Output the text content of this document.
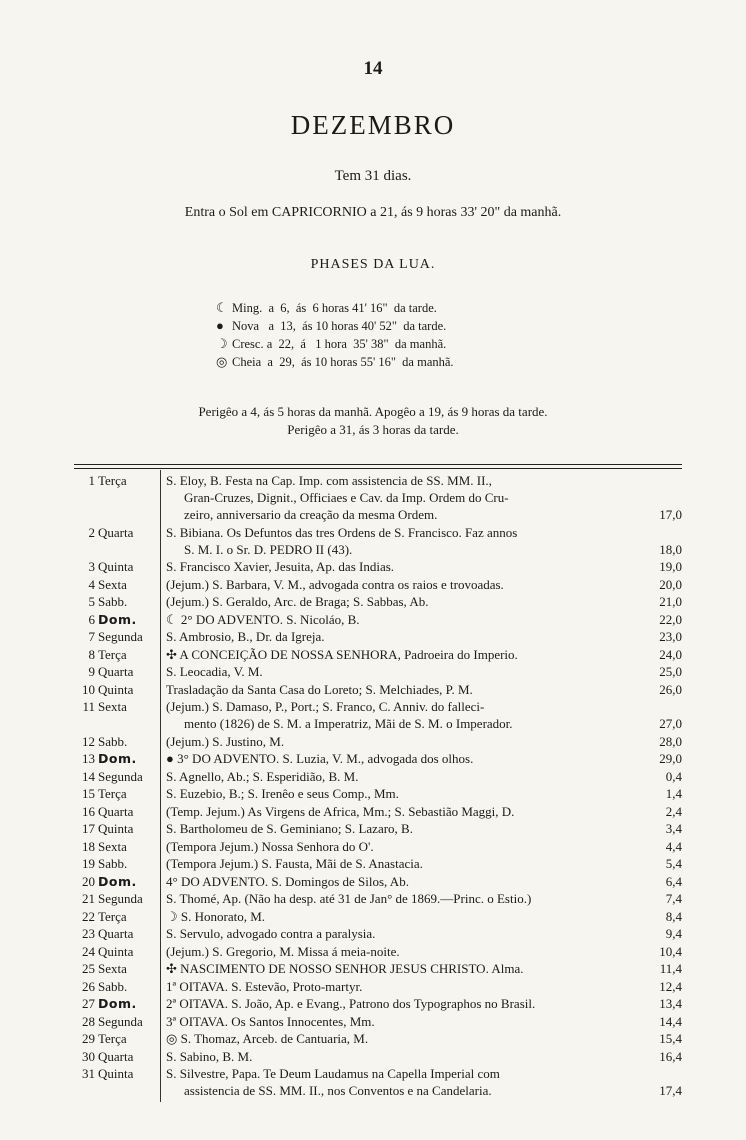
14
DEZEMBRO
Tem 31 dias.
Entra o Sol em CAPRICORNIO a 21, ás 9 horas 33' 20" da manhã.
PHASES DA LUA.
☾ Ming.  a  6,  ás  6 horas 41' 16"  da tarde.
● Nova   a  13,  ás 10 horas 40' 52"  da tarde.
☽ Cresc. a  22,  á   1 hora  35' 38"  da manhã.
◎ Cheia  a  29,  ás 10 horas 55' 16"  da manhã.
Perigêo a 4, ás 5 horas da manhã. Apogêo a 19, ás 9 horas da tarde.
Perigêo a 31, ás 3 horas da tarde.
1 Terça	S. Eloy, B. Festa na Cap. Imp. com assistencia de SS. MM. II.,
Gran-Cruzes, Dignit., Officiaes e Cav. da Imp. Ordem do Cru-
zeiro, anniversario da creação da mesma Ordem.	17,0
2 Quarta	S. Bibiana. Os Defuntos das tres Ordens de S. Francisco. Faz annos
S. M. I. o Sr. D. PEDRO II (43).	18,0
3 Quinta	S. Francisco Xavier, Jesuita, Ap. das Indias.	19,0
4 Sexta	(Jejum.) S. Barbara, V. M., advogada contra os raios e trovoadas.	20,0
5 Sabb.	(Jejum.) S. Geraldo, Arc. de Braga; S. Sabbas, Ab.	21,0
6 Dom. ☾ 2° DO ADVENTO. S. Nicoláo, B.	22,0
7 Segunda S. Ambrosio, B., Dr. da Igreja.	23,0
8 Terça	✣ A CONCEIÇÃO DE NOSSA SENHORA, Padroeira do Imperio.	24,0
9 Quarta	S. Leocadia, V. M.	25,0
10 Quinta	Trasladação da Santa Casa do Loreto; S. Melchiades, P. M.	26,0
11 Sexta	(Jejum.) S. Damaso, P., Port.; S. Franco, C. Anniv. do falleci-
mento (1826) de S. M. a Imperatriz, Mãi de S. M. o Imperador.	27,0
12 Sabb.	(Jejum.) S. Justino, M.	28,0
13 Dom. ● 3° DO ADVENTO. S. Luzia, V. M., advogada dos olhos.	29,0
14 Segunda S. Agnello, Ab.; S. Esperidião, B. M.	0,4
15 Terça	S. Euzebio, B.; S. Irenêo e seus Comp., Mm.	1,4
16 Quarta	(Temp. Jejum.) As Virgens de Africa, Mm.; S. Sebastião Maggi, D.	2,4
17 Quinta	S. Bartholomeu de S. Geminiano; S. Lazaro, B.	3,4
18 Sexta	(Tempora Jejum.) Nossa Senhora do O'.	4,4
19 Sabb.	(Tempora Jejum.) S. Fausta, Mãi de S. Anastacia.	5,4
20 Dom. 4° DO ADVENTO. S. Domingos de Silos, Ab.	6,4
21 Segunda S. Thomé, Ap. (Não ha desp. até 31 de Jan° de 1869.—Princ. o Estio.)	7,4
22 Terça	☽ S. Honorato, M.	8,4
23 Quarta	S. Servulo, advogado contra a paralysia.	9,4
24 Quinta	(Jejum.) S. Gregorio, M. Missa á meia-noite.	10,4
25 Sexta	✣ NASCIMENTO DE NOSSO SENHOR JESUS CHRISTO. Alma.	11,4
26 Sabb.	1ª OITAVA. S. Estevão, Proto-martyr.	12,4
27 Dom. 2ª OITAVA. S. João, Ap. e Evang., Patrono dos Typographos no Brasil.	13,4
28 Segunda 3ª OITAVA. Os Santos Innocentes, Mm.	14,4
29 Terça	◎ S. Thomaz, Arceb. de Cantuaria, M.	15,4
30 Quarta	S. Sabino, B. M.	16,4
31 Quinta	S. Silvestre, Papa. Te Deum Laudamus na Capella Imperial com
assistencia de SS. MM. II., nos Conventos e na Candelaria.	17,4
